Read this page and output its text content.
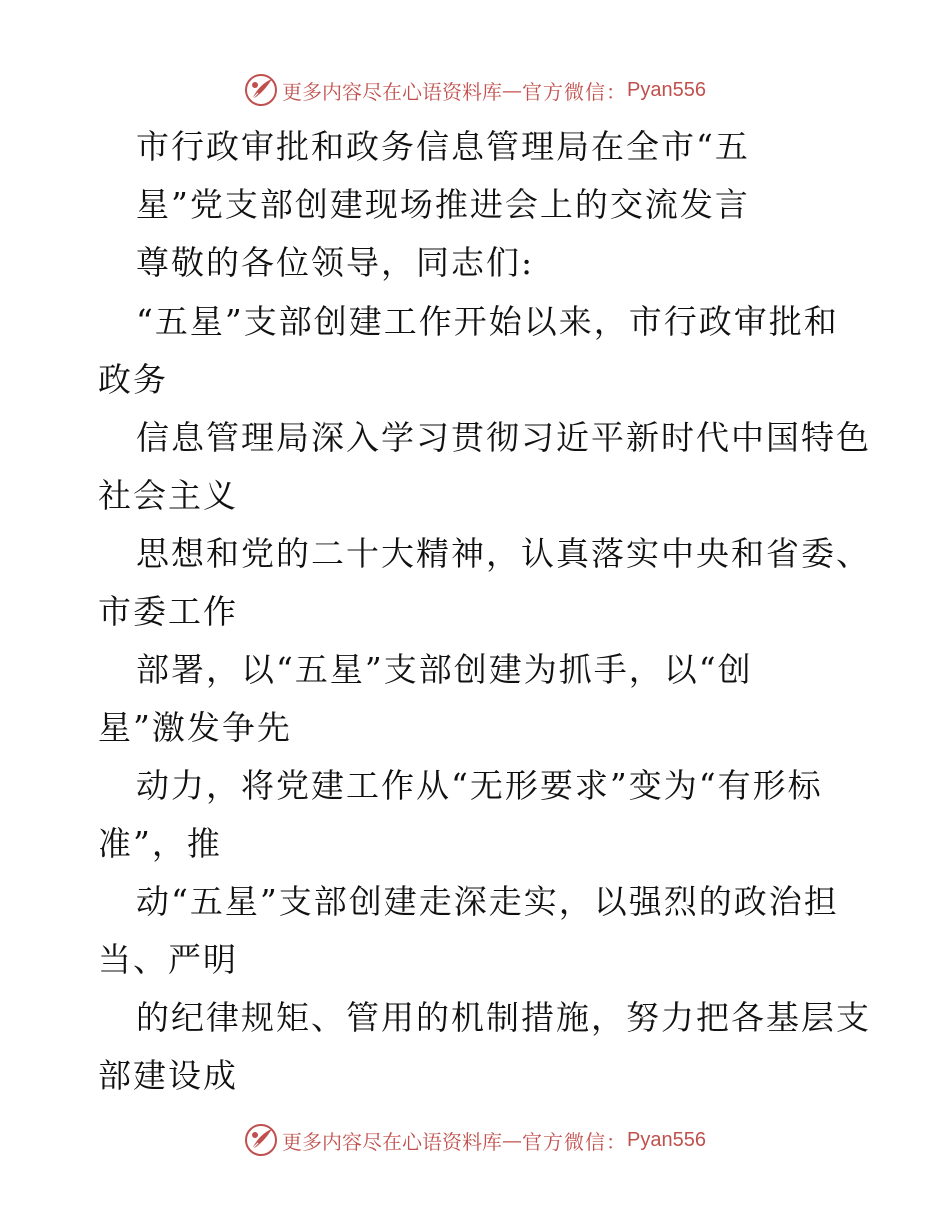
更多内容尽在心语资料库 — 官方微信： Pyan556
市行政审批和政务信息管理局在全市“五
星”党支部创建现场推进会上的交流发言
尊敬的各位领导，同志们:
“五星”支部创建工作开始以来，市行政审批和
政务
信息管理局深入学习贯彻习近平新时代中国特色
社会主义
思想和党的二十大精神，认真落实中央和省委、
市委工作
部署，以“五星”支部创建为抓手，以“创
星”激发争先
动力，将党建工作从“无形要求”变为“有形标
准”，推
动“五星”支部创建走深走实，以强烈的政治担
当、严明
的纪律规矩、管用的机制措施，努力把各基层支
部建设成
更多内容尽在心语资料库 — 官方微信： Pyan556
